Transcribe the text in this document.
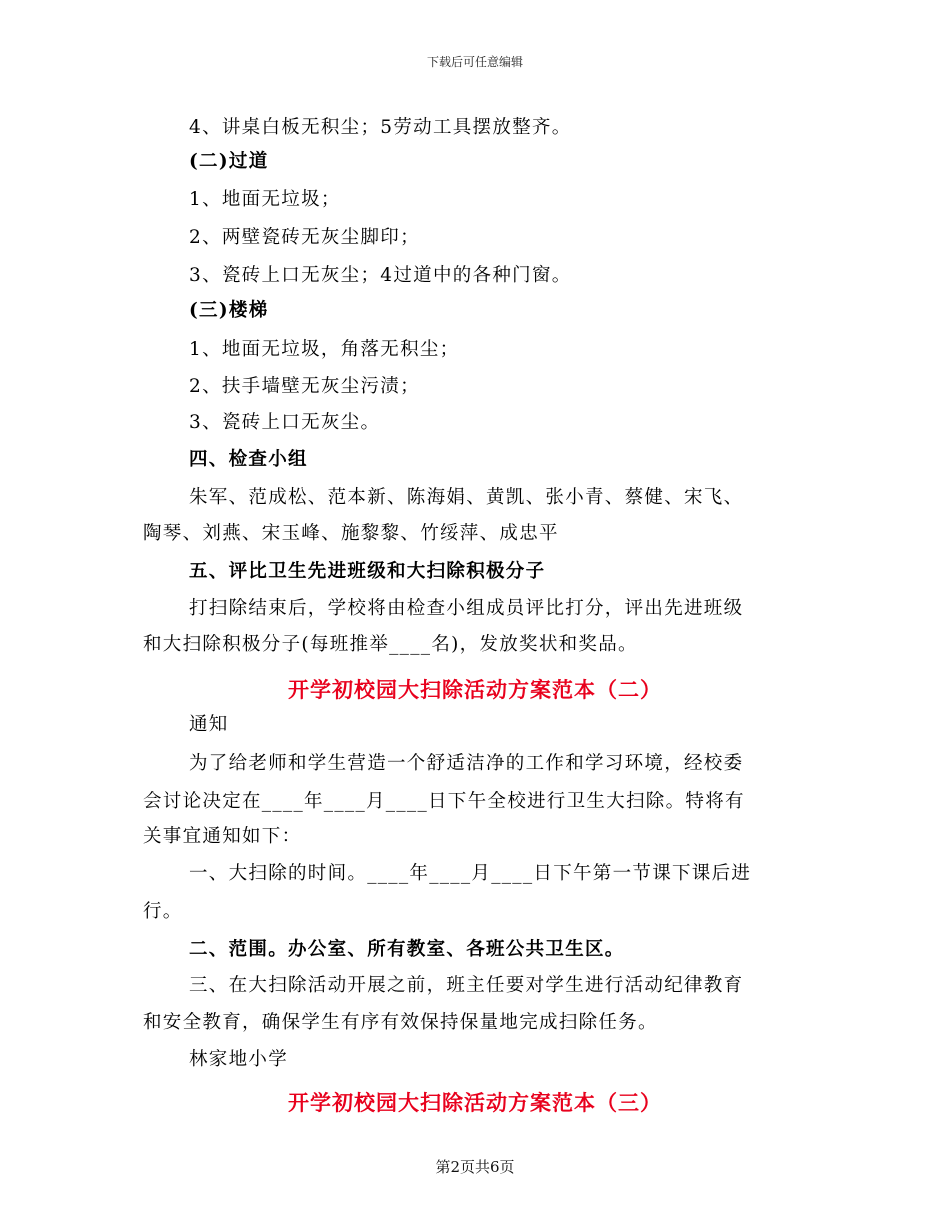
下载后可任意编辑
4、讲桌白板无积尘；5劳动工具摆放整齐。
(二)过道
1、地面无垃圾；
2、两壁瓷砖无灰尘脚印；
3、瓷砖上口无灰尘；4过道中的各种门窗。
(三)楼梯
1、地面无垃圾，角落无积尘；
2、扶手墙壁无灰尘污渍；
3、瓷砖上口无灰尘。
四、检查小组
朱军、范成松、范本新、陈海娟、黄凯、张小青、蔡健、宋飞、
陶琴、刘燕、宋玉峰、施黎黎、竹绥萍、成忠平
五、评比卫生先进班级和大扫除积极分子
打扫除结束后，学校将由检查小组成员评比打分，评出先进班级
和大扫除积极分子(每班推举____名)，发放奖状和奖品。
开学初校园大扫除活动方案范本（二）
通知
为了给老师和学生营造一个舒适洁净的工作和学习环境，经校委
会讨论决定在____年____月____日下午全校进行卫生大扫除。特将有
关事宜通知如下：
一、大扫除的时间。____年____月____日下午第一节课下课后进
行。
二、范围。办公室、所有教室、各班公共卫生区。
三、在大扫除活动开展之前，班主任要对学生进行活动纪律教育
和安全教育，确保学生有序有效保持保量地完成扫除任务。
林家地小学
开学初校园大扫除活动方案范本（三）
第2页共6页
